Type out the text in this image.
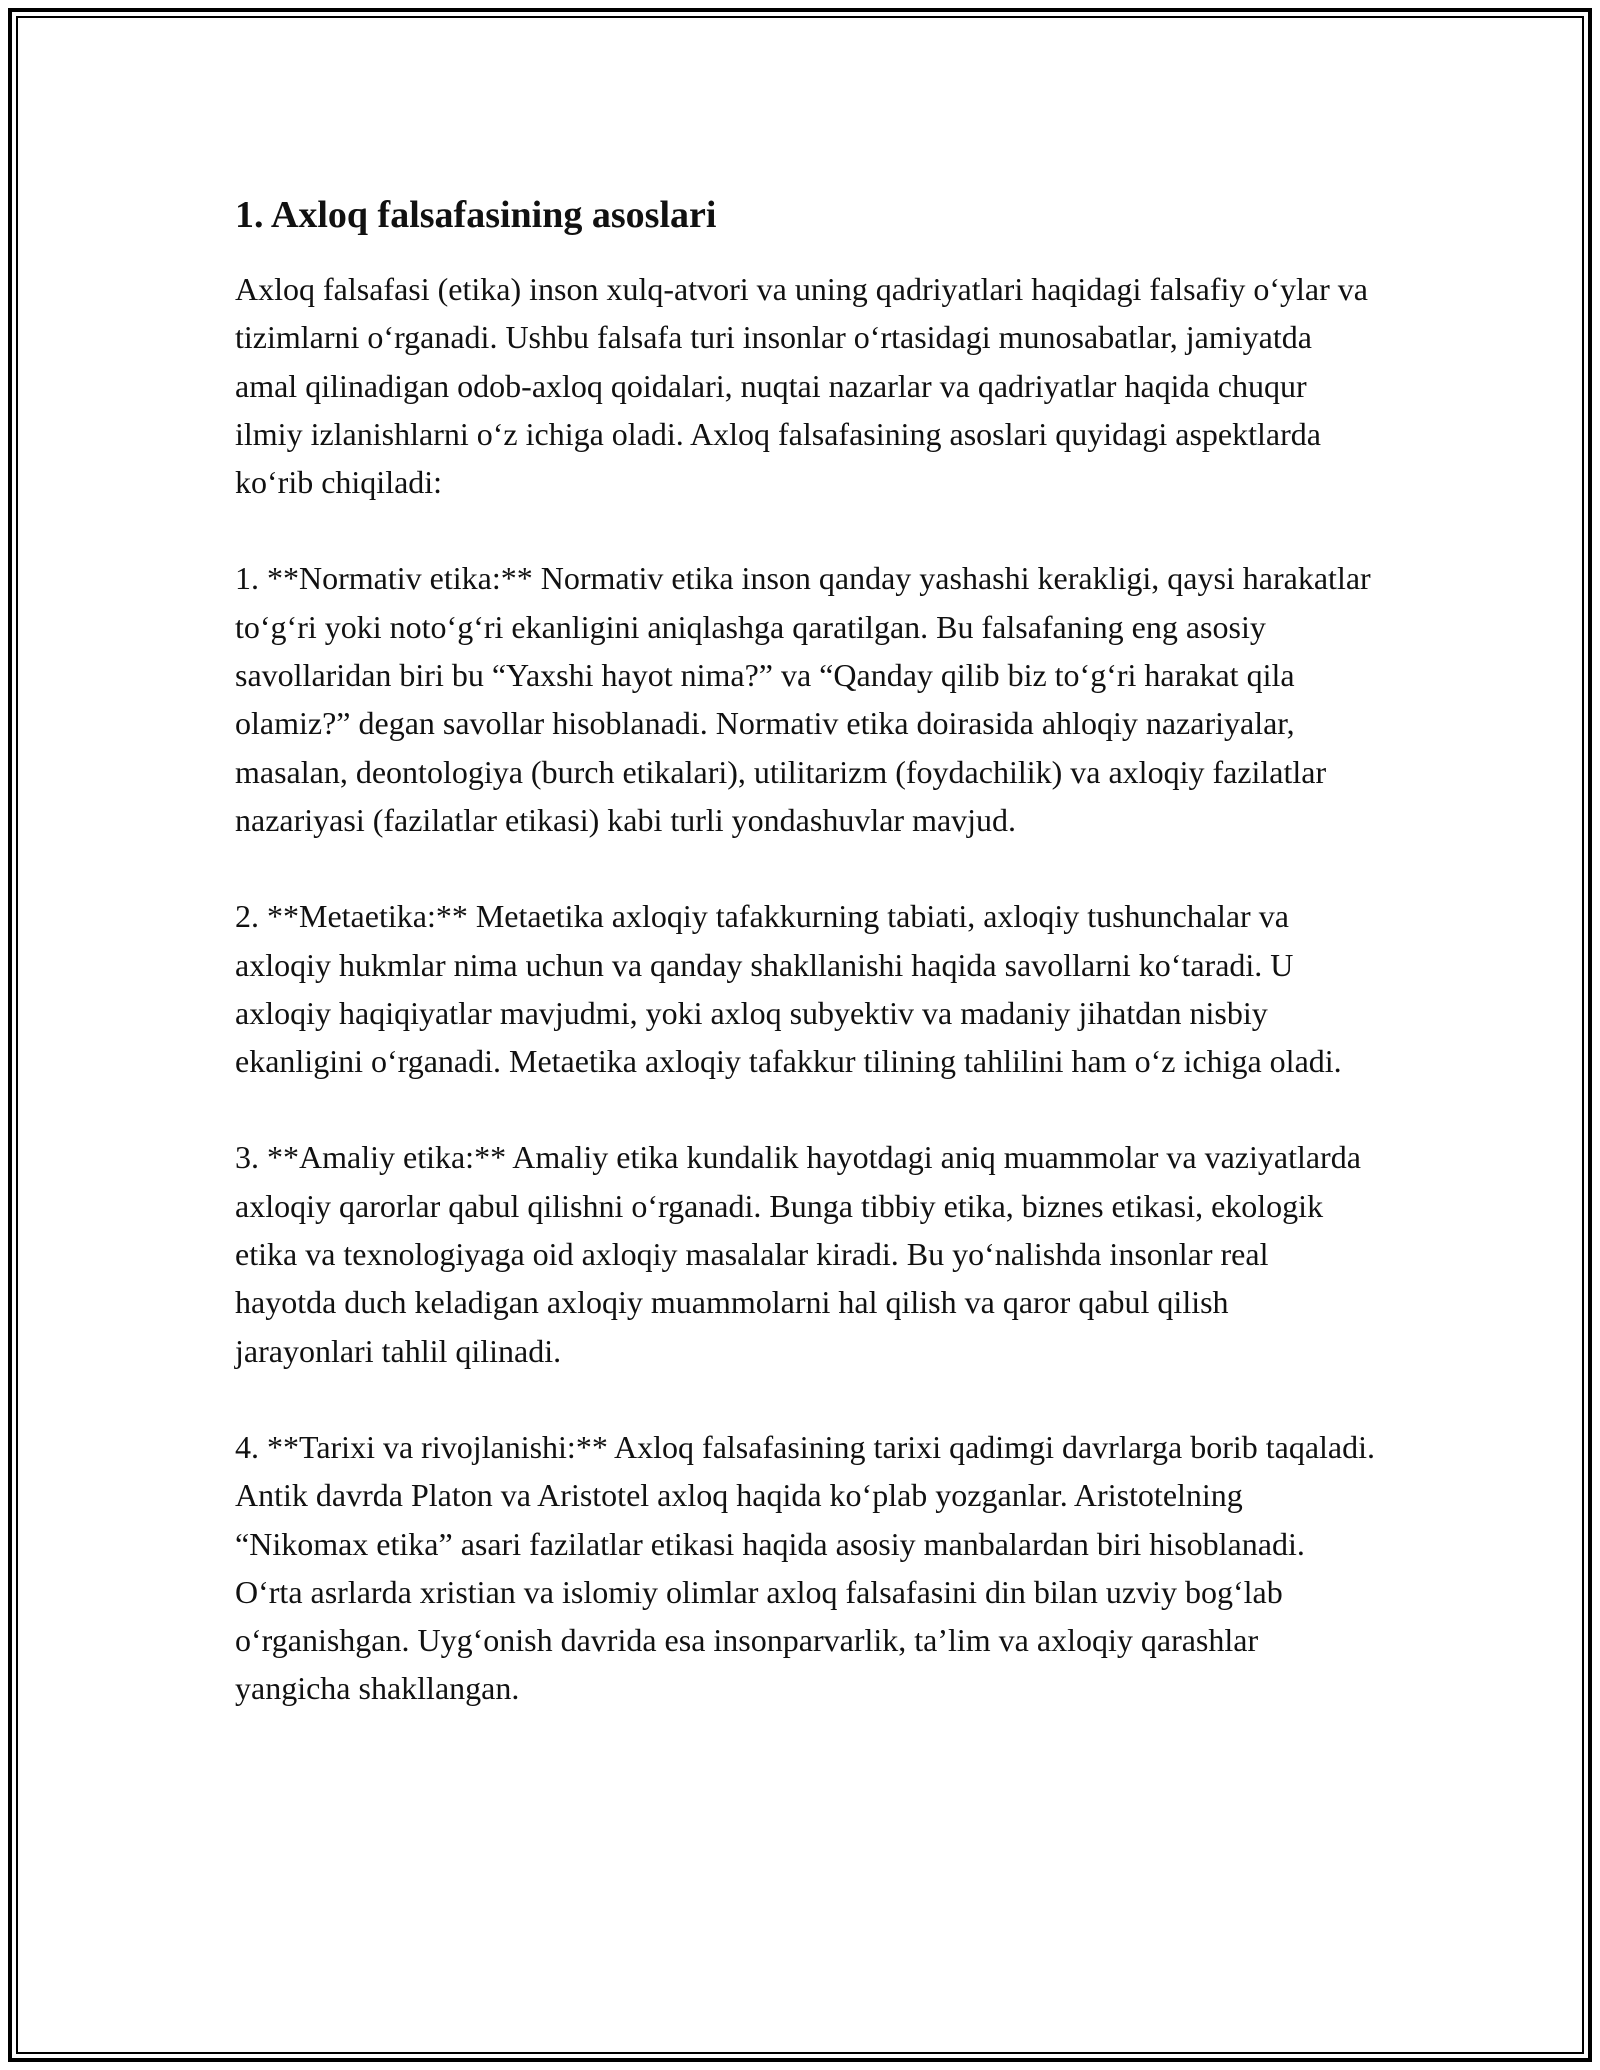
1. Axloq falsafasining asoslari

Axloq falsafasi (etika) inson xulq-atvori va uning qadriyatlari haqidagi falsafiy o‘ylar va tizimlarni o‘rganadi. Ushbu falsafa turi insonlar o‘rtasidagi munosabatlar, jamiyatda amal qilinadigan odob-axloq qoidalari, nuqtai nazarlar va qadriyatlar haqida chuqur ilmiy izlanishlarni o‘z ichiga oladi. Axloq falsafasining asoslari quyidagi aspektlarda ko‘rib chiqiladi:

1. **Normativ etika:** Normativ etika inson qanday yashashi kerakligi, qaysi harakatlar to‘g‘ri yoki noto‘g‘ri ekanligini aniqlashga qaratilgan. Bu falsafaning eng asosiy savollaridan biri bu “Yaxshi hayot nima?” va “Qanday qilib biz to‘g‘ri harakat qila olamiz?” degan savollar hisoblanadi. Normativ etika doirasida ahloqiy nazariyalar, masalan, deontologiya (burch etikalari), utilitarizm (foydachilik) va axloqiy fazilatlar nazariyasi (fazilatlar etikasi) kabi turli yondashuvlar mavjud.

2. **Metaetika:** Metaetika axloqiy tafakkurning tabiati, axloqiy tushunchalar va axloqiy hukmlar nima uchun va qanday shakllanishi haqida savollarni ko‘taradi. U axloqiy haqiqiyatlar mavjudmi, yoki axloq subyektiv va madaniy jihatdan nisbiy ekanligini o‘rganadi. Metaetika axloqiy tafakkur tilining tahlilini ham o‘z ichiga oladi.

3. **Amaliy etika:** Amaliy etika kundalik hayotdagi aniq muammolar va vaziyatlarda axloqiy qarorlar qabul qilishni o‘rganadi. Bunga tibbiy etika, biznes etikasi, ekologik etika va texnologiyaga oid axloqiy masalalar kiradi. Bu yo‘nalishda insonlar real hayotda duch keladigan axloqiy muammolarni hal qilish va qaror qabul qilish jarayonlari tahlil qilinadi.

4. **Tarixi va rivojlanishi:** Axloq falsafasining tarixi qadimgi davrlarga borib taqaladi. Antik davrda Platon va Aristotel axloq haqida ko‘plab yozganlar. Aristotelning “Nikomax etika” asari fazilatlar etikasi haqida asosiy manbalardan biri hisoblanadi. O‘rta asrlarda xristian va islomiy olimlar axloq falsafasini din bilan uzviy bog‘lab o‘rganishgan. Uyg‘onish davrida esa insonparvarlik, ta’lim va axloqiy qarashlar yangicha shakllangan.
